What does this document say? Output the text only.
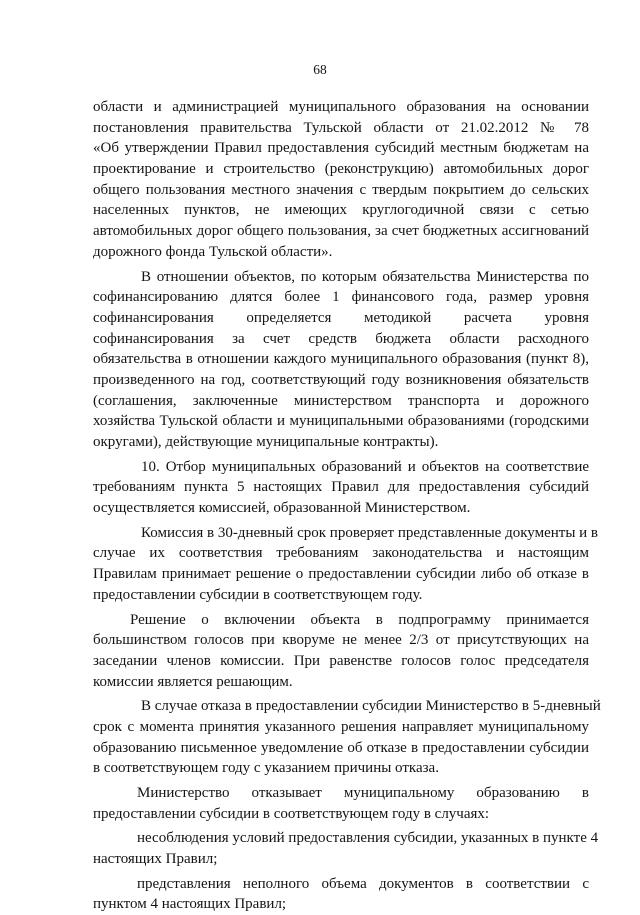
68
области и администрацией муниципального образования на основании
постановления правительства Тульской области от 21.02.2012 № 78
«Об утверждении Правил предоставления субсидий местным бюджетам на
проектирование и строительство (реконструкцию) автомобильных дорог
общего пользования местного значения с твердым покрытием до сельских
населенных пунктов, не имеющих круглогодичной связи с сетью
автомобильных дорог общего пользования, за счет бюджетных ассигнований
дорожного фонда Тульской области».
В отношении объектов, по которым обязательства Министерства по
софинансированию длятся более 1 финансового года, размер уровня
софинансирования определяется методикой расчета уровня
софинансирования за счет средств бюджета области расходного
обязательства в отношении каждого муниципального образования (пункт 8),
произведенного на год, соответствующий году возникновения обязательств
(соглашения, заключенные министерством транспорта и дорожного
хозяйства Тульской области и муниципальными образованиями (городскими
округами), действующие муниципальные контракты).
10. Отбор муниципальных образований и объектов на соответствие
требованиям пункта 5 настоящих Правил для предоставления субсидий
осуществляется комиссией, образованной Министерством.
Комиссия в 30-дневный срок проверяет представленные документы и в
случае их соответствия требованиям законодательства и настоящим
Правилам принимает решение о предоставлении субсидии либо об отказе в
предоставлении субсидии в соответствующем году.
Решение о включении объекта в подпрограмму принимается
большинством голосов при кворуме не менее 2/3 от присутствующих на
заседании членов комиссии. При равенстве голосов голос председателя
комиссии является решающим.
В случае отказа в предоставлении субсидии Министерство в 5-дневный
срок с момента принятия указанного решения направляет муниципальному
образованию письменное уведомление об отказе в предоставлении субсидии
в соответствующем году с указанием причины отказа.
Министерство отказывает муниципальному образованию в
предоставлении субсидии в соответствующем году в случаях:
несоблюдения условий предоставления субсидии, указанных в пункте 4
настоящих Правил;
представления неполного объема документов в соответствии с
пунктом 4 настоящих Правил;
